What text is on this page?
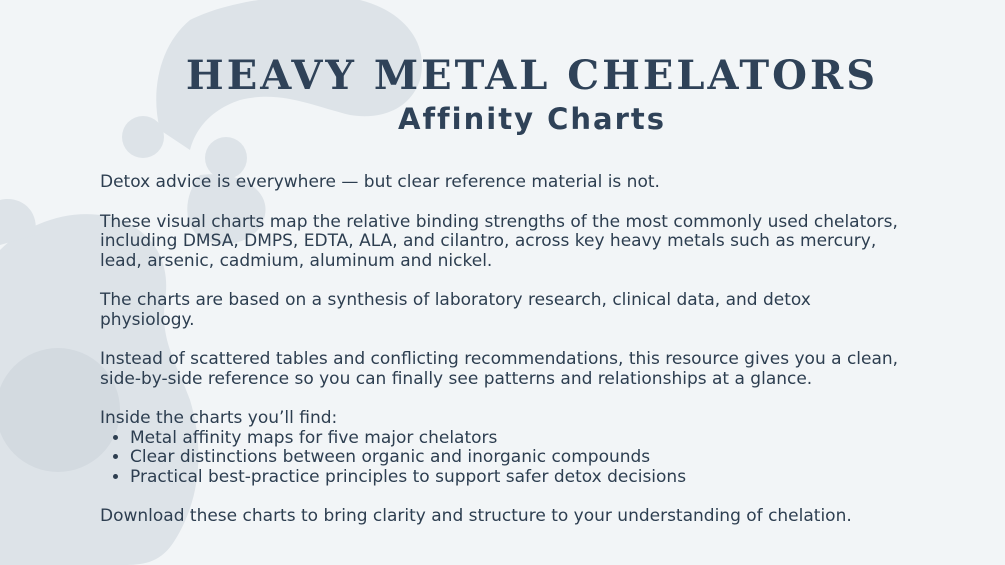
HEAVY METAL CHELATORS
Affinity Charts

Detox advice is everywhere — but clear reference material is not.

These visual charts map the relative binding strengths of the most commonly used chelators, including DMSA, DMPS, EDTA, ALA, and cilantro, across key heavy metals such as mercury, lead, arsenic, cadmium, aluminum and nickel.

The charts are based on a synthesis of laboratory research, clinical data, and detox physiology.

Instead of scattered tables and conflicting recommendations, this resource gives you a clean, side-by-side reference so you can finally see patterns and relationships at a glance.

Inside the charts you’ll find:

• Metal affinity maps for five major chelators
• Clear distinctions between organic and inorganic compounds
• Practical best-practice principles to support safer detox decisions

Download these charts to bring clarity and structure to your understanding of chelation.
